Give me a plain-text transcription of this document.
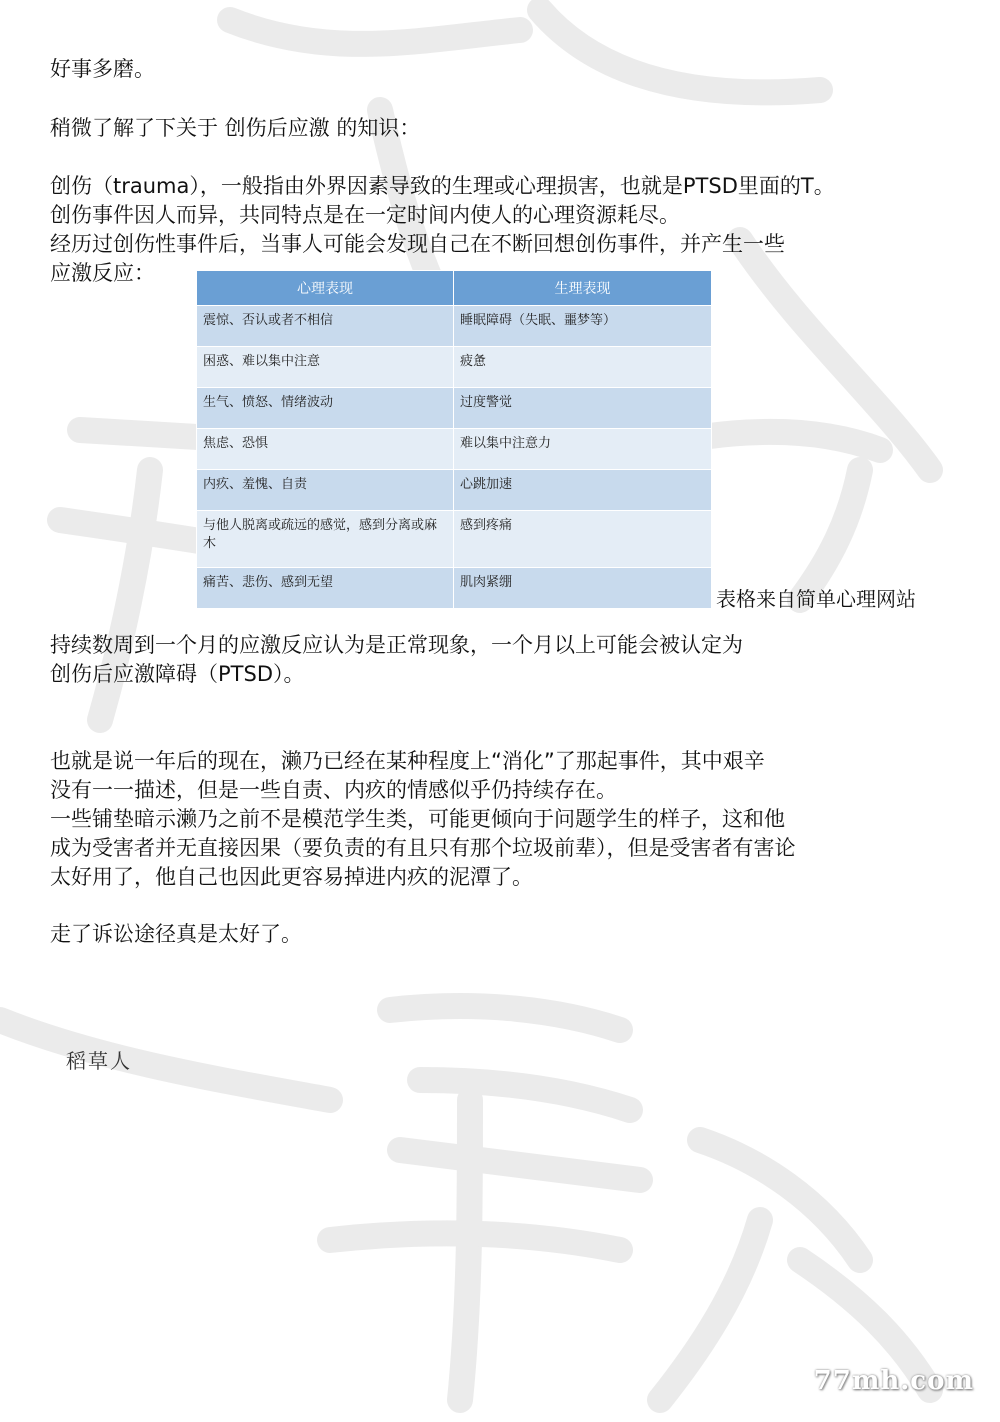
好事多磨。
稍微了解了下关于 创伤后应激 的知识：
创伤（trauma），一般指由外界因素导致的生理或心理损害，也就是PTSD里面的T。
创伤事件因人而异，共同特点是在一定时间内使人的心理资源耗尽。
经历过创伤性事件后，当事人可能会发现自己在不断回想创伤事件，并产生一些
应激反应：
心理表现	生理表现
震惊、否认或者不相信	睡眠障碍（失眠、噩梦等）
困惑、难以集中注意	疲惫
生气、愤怒、情绪波动	过度警觉
焦虑、恐惧	难以集中注意力
内疚、羞愧、自责	心跳加速
与他人脱离或疏远的感觉，感到分离或麻木	感到疼痛
痛苦、悲伤、感到无望	肌肉紧绷
表格来自简单心理网站
持续数周到一个月的应激反应认为是正常现象，一个月以上可能会被认定为
创伤后应激障碍（PTSD）。
也就是说一年后的现在，濑乃已经在某种程度上“消化”了那起事件，其中艰辛
没有一一描述，但是一些自责、内疚的情感似乎仍持续存在。
一些铺垫暗示濑乃之前不是模范学生类，可能更倾向于问题学生的样子，这和他
成为受害者并无直接因果（要负责的有且只有那个垃圾前辈），但是受害者有害论
太好用了，他自己也因此更容易掉进内疚的泥潭了。
走了诉讼途径真是太好了。
稻草人
77mh.com
